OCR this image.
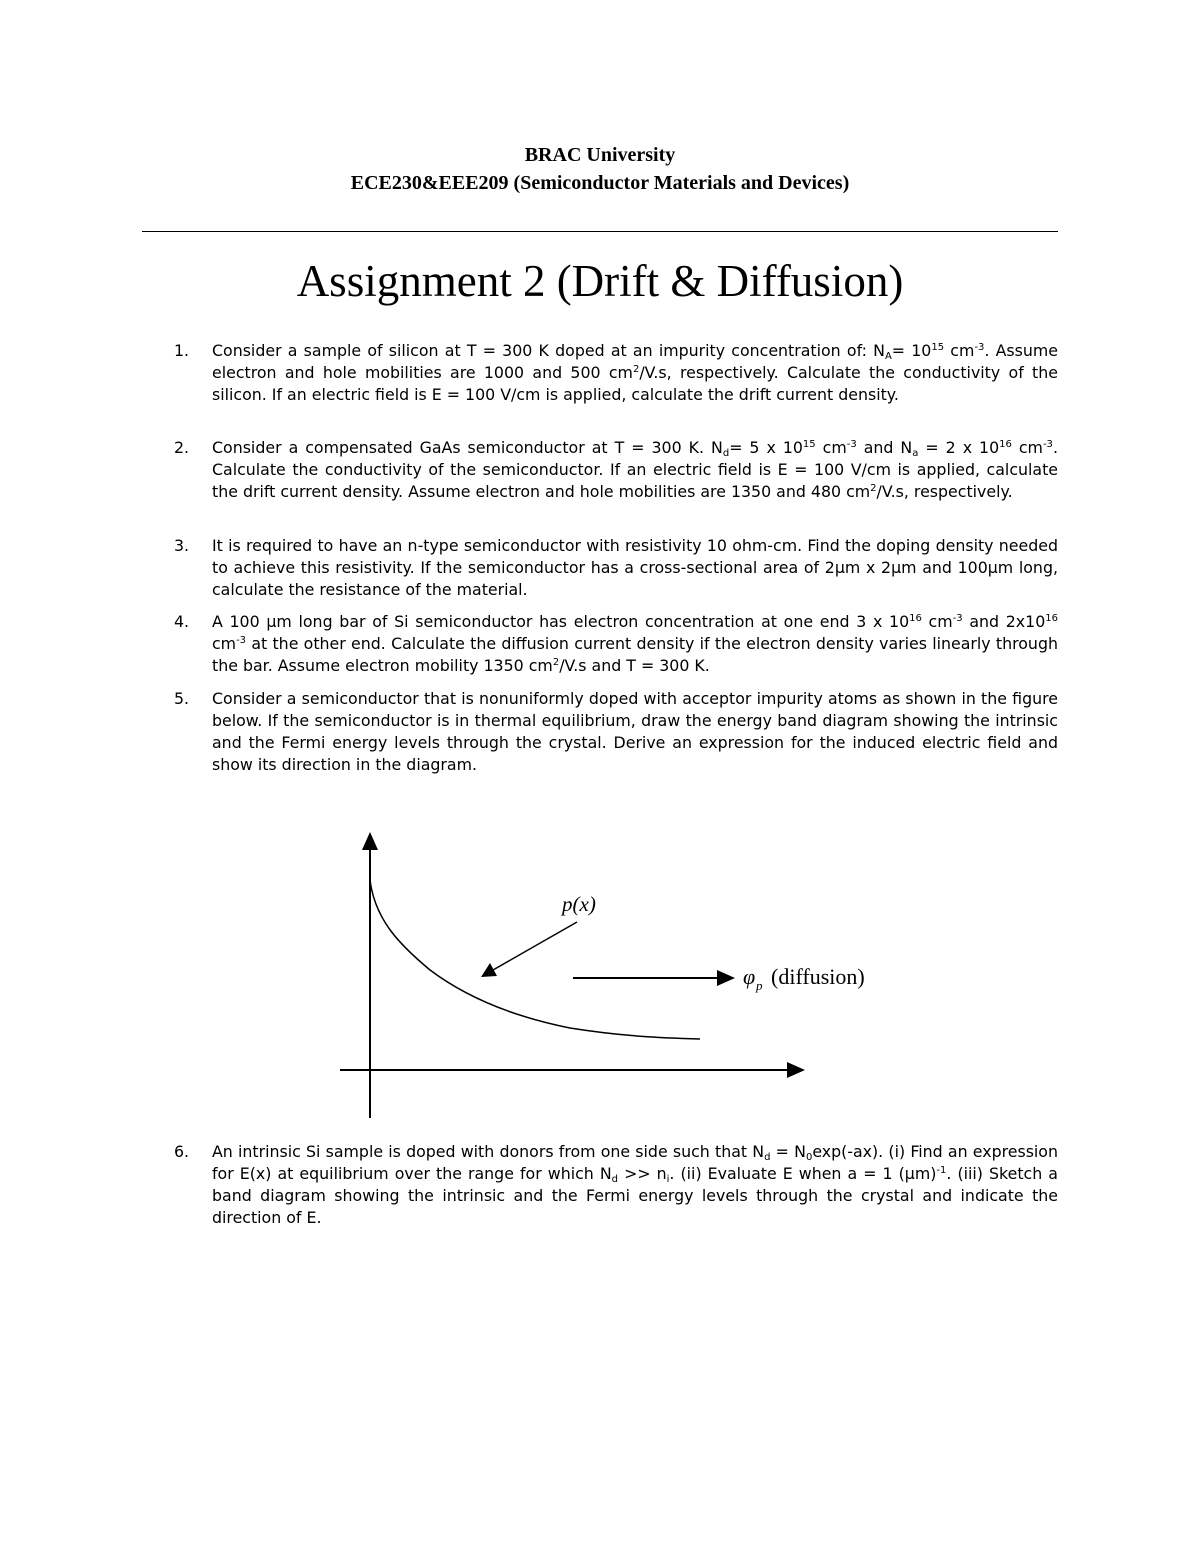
BRAC University
ECE230&EEE209 (Semiconductor Materials and Devices)
Assignment 2 (Drift & Diffusion)
1. Consider a sample of silicon at T = 300 K doped at an impurity concentration of: $N_A= 10^{15}$ $cm^{-3}$. Assume electron and hole mobilities are 1000 and 500 $cm^2/V.s$, respectively. Calculate the conductivity of the silicon. If an electric field is E = 100 V/cm is applied, calculate the drift current density.
2. Consider a compensated GaAs semiconductor at T = 300 K. $N_d= 5$ x $10^{15}$ $cm^{-3}$ and $N_a = 2$ x $10^{16}$ $cm^{-3}$. Calculate the conductivity of the semiconductor. If an electric field is E = 100 V/cm is applied, calculate the drift current density. Assume electron and hole mobilities are 1350 and 480 $cm^2/V.s$, respectively.
3. It is required to have an n-type semiconductor with resistivity 10 ohm-cm. Find the doping density needed to achieve this resistivity. If the semiconductor has a cross-sectional area of 2µm x 2µm and 100µm long, calculate the resistance of the material.
4. A 100 µm long bar of Si semiconductor has electron concentration at one end 3 x $10^{16}$ $cm^{-3}$ and $2x10^{16}$ $cm^{-3}$ at the other end. Calculate the diffusion current density if the electron density varies linearly through the bar. Assume electron mobility 1350 $cm^2/V.s$ and T = 300 K.
5. Consider a semiconductor that is nonuniformly doped with acceptor impurity atoms as shown in the figure below. If the semiconductor is in thermal equilibrium, draw the energy band diagram showing the intrinsic and the Fermi energy levels through the crystal. Derive an expression for the induced electric field and show its direction in the diagram.
p(x)
φ p (diffusion)
6. An intrinsic Si sample is doped with donors from one side such that $N_d = N_0\exp(-ax)$. (i) Find an expression for E(x) at equilibrium over the range for which $N_d >> n_i$. (ii) Evaluate E when a = 1 $(\mu m)^{-1}$. (iii) Sketch a band diagram showing the intrinsic and the Fermi energy levels through the crystal and indicate the direction of E.
